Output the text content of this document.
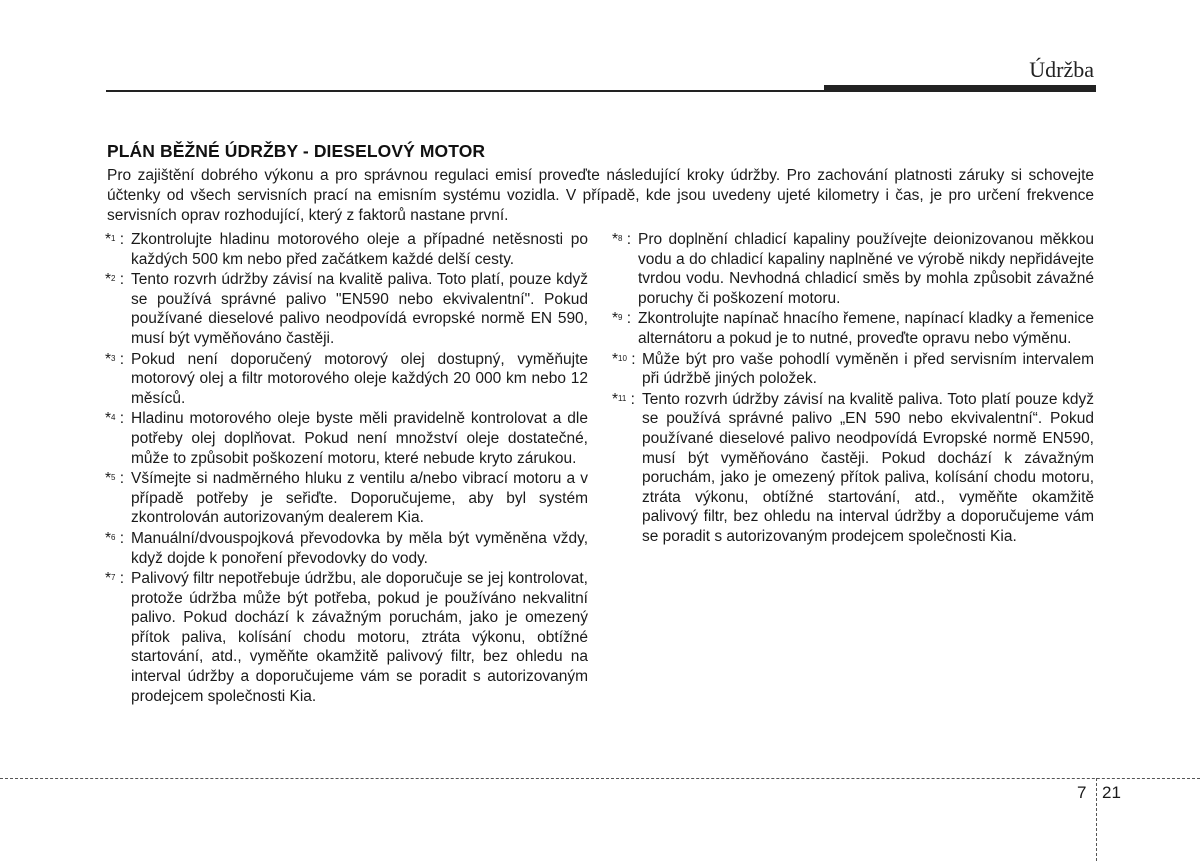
Údržba
PLÁN BĚŽNÉ ÚDRŽBY - DIESELOVÝ MOTOR
Pro zajištění dobrého výkonu a pro správnou regulaci emisí proveďte následující kroky údržby. Pro zachování platnosti záruky si schovejte účtenky od všech servisních prací na emisním systému vozidla. V případě, kde jsou uvedeny ujeté kilometry i čas, je pro určení frekvence servisních oprav rozhodující, který z faktorů nastane první.
*$^1$ : Zkontrolujte hladinu motorového oleje a případné netěsnosti po každých 500 km nebo před začátkem každé delší cesty.
*$^2$ : Tento rozvrh údržby závisí na kvalitě paliva. Toto platí, pouze když se používá správné palivo "EN590 nebo ekvivalentní". Pokud používané dieselové palivo neodpovídá evropské normě EN 590, musí být vyměňováno častěji.
*$^3$ : Pokud není doporučený motorový olej dostupný, vyměňujte motorový olej a filtr motorového oleje každých 20 000 km nebo 12 měsíců.
*$^4$ : Hladinu motorového oleje byste měli pravidelně kontrolovat a dle potřeby olej doplňovat. Pokud není množství oleje dostatečné, může to způsobit poškození motoru, které nebude kryto zárukou.
*$^5$ : Všímejte si nadměrného hluku z ventilu a/nebo vibrací motoru a v případě potřeby je seřiďte. Doporučujeme, aby byl systém zkontrolován autorizovaným dealerem Kia.
*$^6$ : Manuální/dvouspojková převodovka by měla být vyměněna vždy, když dojde k ponoření převodovky do vody.
*$^7$ : Palivový filtr nepotřebuje údržbu, ale doporučuje se jej kontrolovat, protože údržba může být potřeba, pokud je používáno nekvalitní palivo. Pokud dochází k závažným poruchám, jako je omezený přítok paliva, kolísání chodu motoru, ztráta výkonu, obtížné startování, atd., vyměňte okamžitě palivový filtr, bez ohledu na interval údržby a doporučujeme vám se poradit s autorizovaným prodejcem společnosti Kia.
*$^8$ : Pro doplnění chladicí kapaliny používejte deionizovanou měkkou vodu a do chladicí kapaliny naplněné ve výrobě nikdy nepřidávejte tvrdou vodu. Nevhodná chladicí směs by mohla způsobit závažné poruchy či poškození motoru.
*$^9$ : Zkontrolujte napínač hnacího řemene, napínací kladky a řemenice alternátoru a pokud je to nutné, proveďte opravu nebo výměnu.
*$^{10}$ : Může být pro vaše pohodlí vyměněn i před servisním intervalem při údržbě jiných položek.
*$^{11}$ : Tento rozvrh údržby závisí na kvalitě paliva. Toto platí pouze když se používá správné palivo „EN 590 nebo ekvivalentní“. Pokud používané dieselové palivo neodpovídá Evropské normě EN590, musí být vyměňováno častěji. Pokud dochází k závažným poruchám, jako je omezený přítok paliva, kolísání chodu motoru, ztráta výkonu, obtížné startování, atd., vyměňte okamžitě palivový filtr, bez ohledu na interval údržby a doporučujeme vám se poradit s autorizovaným prodejcem společnosti Kia.
7 21
